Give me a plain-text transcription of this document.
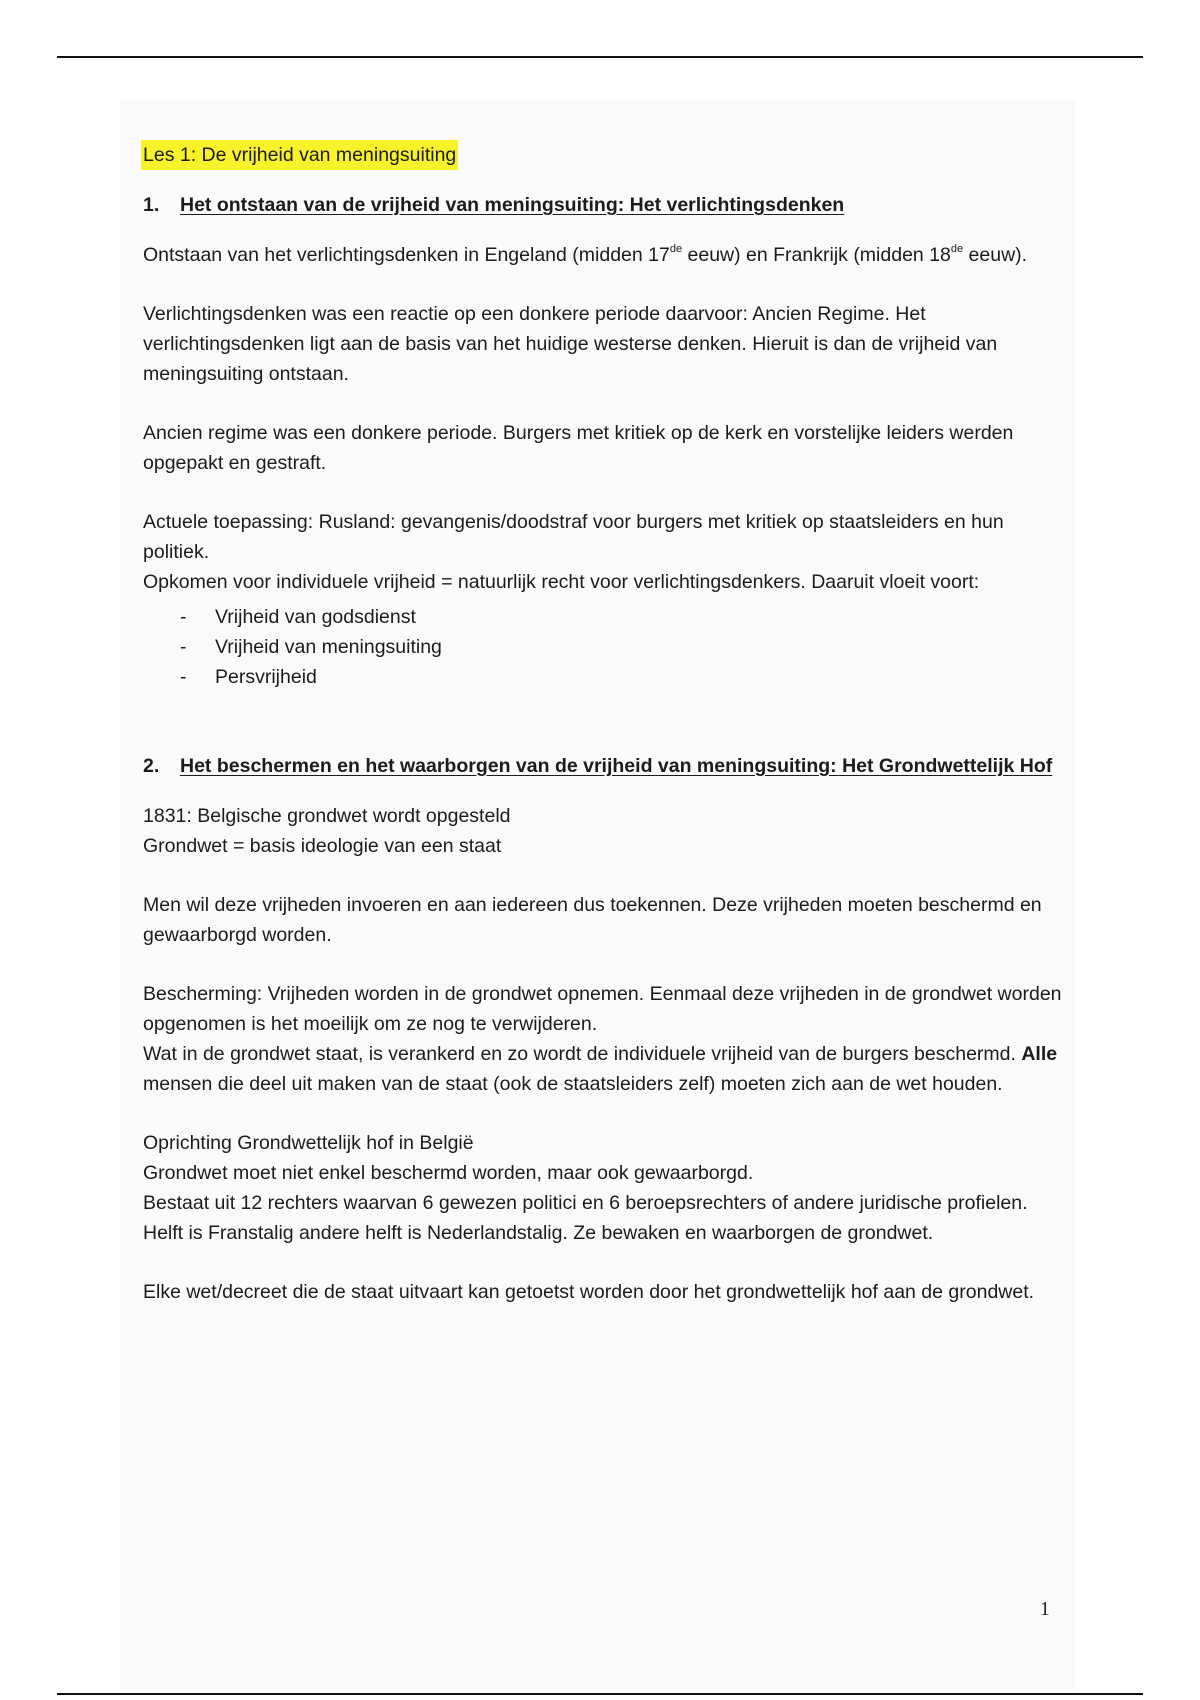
Les 1: De vrijheid van meningsuiting
1.	Het ontstaan van de vrijheid van meningsuiting: Het verlichtingsdenken

Ontstaan van het verlichtingsdenken in Engeland (midden 17de eeuw) en Frankrijk (midden 18de eeuw).

Verlichtingsdenken was een reactie op een donkere periode daarvoor: Ancien Regime. Het verlichtingsdenken ligt aan de basis van het huidige westerse denken. Hieruit is dan de vrijheid van meningsuiting ontstaan.

Ancien regime was een donkere periode. Burgers met kritiek op de kerk en vorstelijke leiders werden opgepakt en gestraft.

Actuele toepassing: Rusland: gevangenis/doodstraf voor burgers met kritiek op staatsleiders en hun politiek.

Opkomen voor individuele vrijheid = natuurlijk recht voor verlichtingsdenkers. Daaruit vloeit voort:

- Vrijheid van godsdienst
- Vrijheid van meningsuiting
- Persvrijheid
2.	Het beschermen en het waarborgen van de vrijheid van meningsuiting: Het Grondwettelijk Hof

1831: Belgische grondwet wordt opgesteld

Grondwet = basis ideologie van een staat

Men wil deze vrijheden invoeren en aan iedereen dus toekennen. Deze vrijheden moeten beschermd en gewaarborgd worden.

Bescherming: Vrijheden worden in de grondwet opnemen. Eenmaal deze vrijheden in de grondwet worden opgenomen is het moeilijk om ze nog te verwijderen.

Wat in de grondwet staat, is verankerd en zo wordt de individuele vrijheid van de burgers beschermd. Alle mensen die deel uit maken van de staat (ook de staatsleiders zelf) moeten zich aan de wet houden.

Oprichting Grondwettelijk hof in België

Grondwet moet niet enkel beschermd worden, maar ook gewaarborgd.

Bestaat uit 12 rechters waarvan 6 gewezen politici en 6 beroepsrechters of andere juridische profielen. Helft is Franstalig andere helft is Nederlandstalig. Ze bewaken en waarborgen de grondwet.

Elke wet/decreet die de staat uitvaart kan getoetst worden door het grondwettelijk hof aan de grondwet.

1
